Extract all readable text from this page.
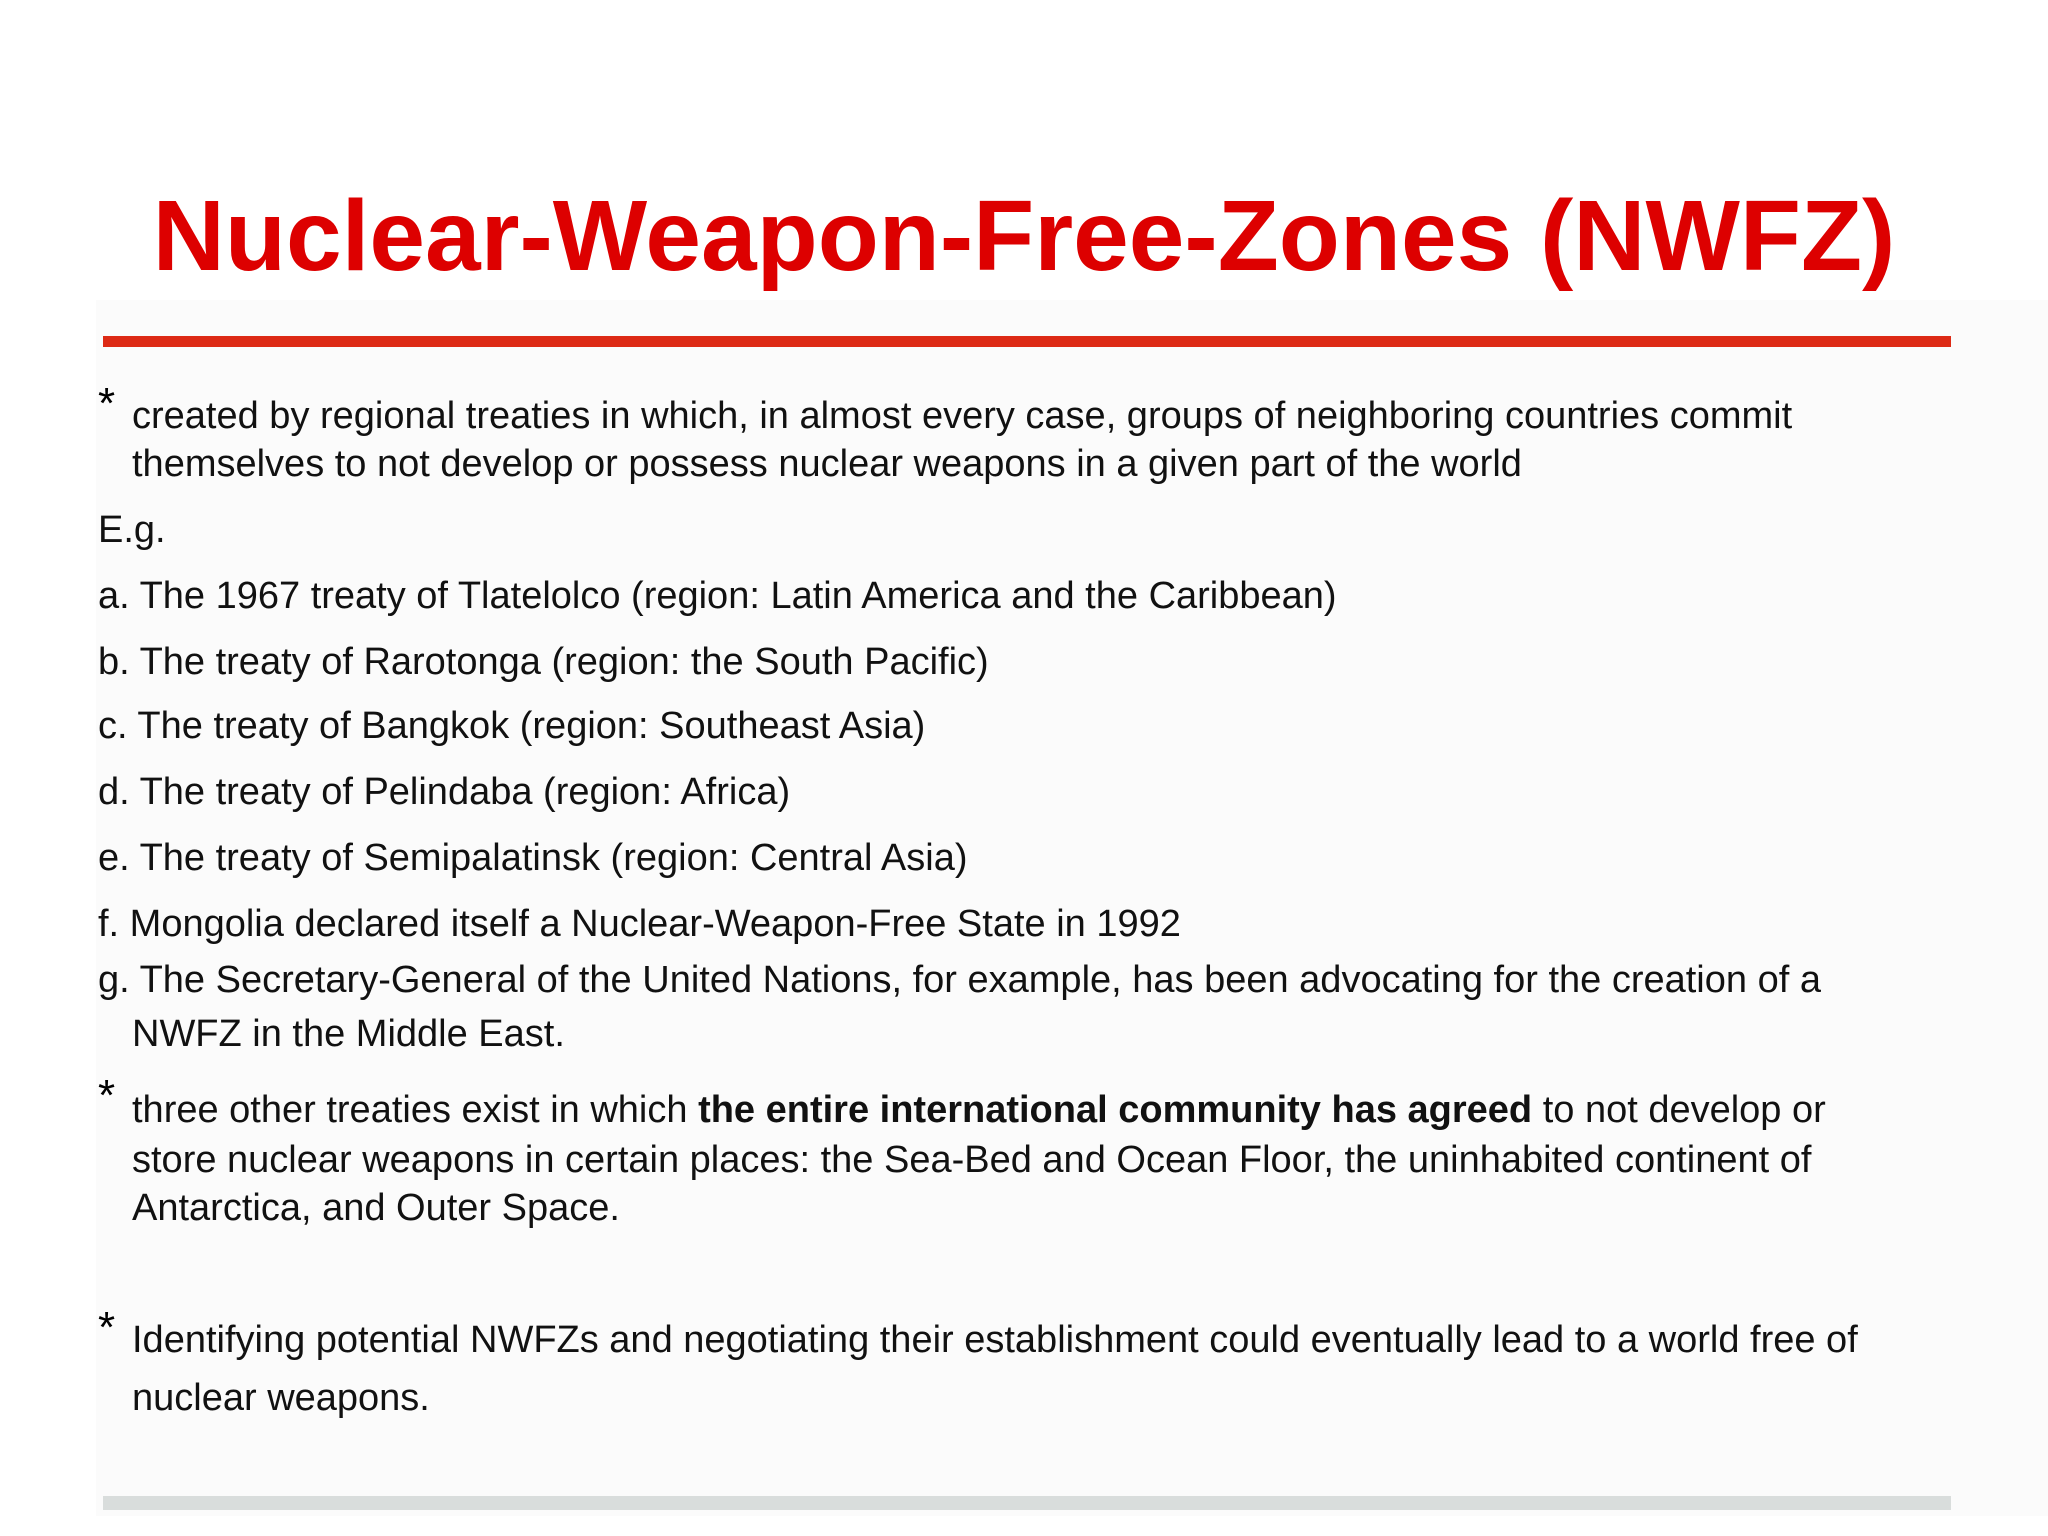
Nuclear-Weapon-Free-Zones (NWFZ)
* created by regional treaties in which, in almost every case, groups of neighboring countries commit
themselves to not develop or possess nuclear weapons in a given part of the world
E.g.
a. The 1967 treaty of Tlatelolco (region: Latin America and the Caribbean)
b. The treaty of Rarotonga (region: the South Pacific)
c. The treaty of Bangkok (region: Southeast Asia)
d. The treaty of Pelindaba (region: Africa)
e. The treaty of Semipalatinsk (region: Central Asia)
f. Mongolia declared itself a Nuclear-Weapon-Free State in 1992
g. The Secretary-General of the United Nations, for example, has been advocating for the creation of a
NWFZ in the Middle East.
* three other treaties exist in which the entire international community has agreed to not develop or
store nuclear weapons in certain places: the Sea-Bed and Ocean Floor, the uninhabited continent of
Antarctica, and Outer Space.
* Identifying potential NWFZs and negotiating their establishment could eventually lead to a world free of
nuclear weapons.
